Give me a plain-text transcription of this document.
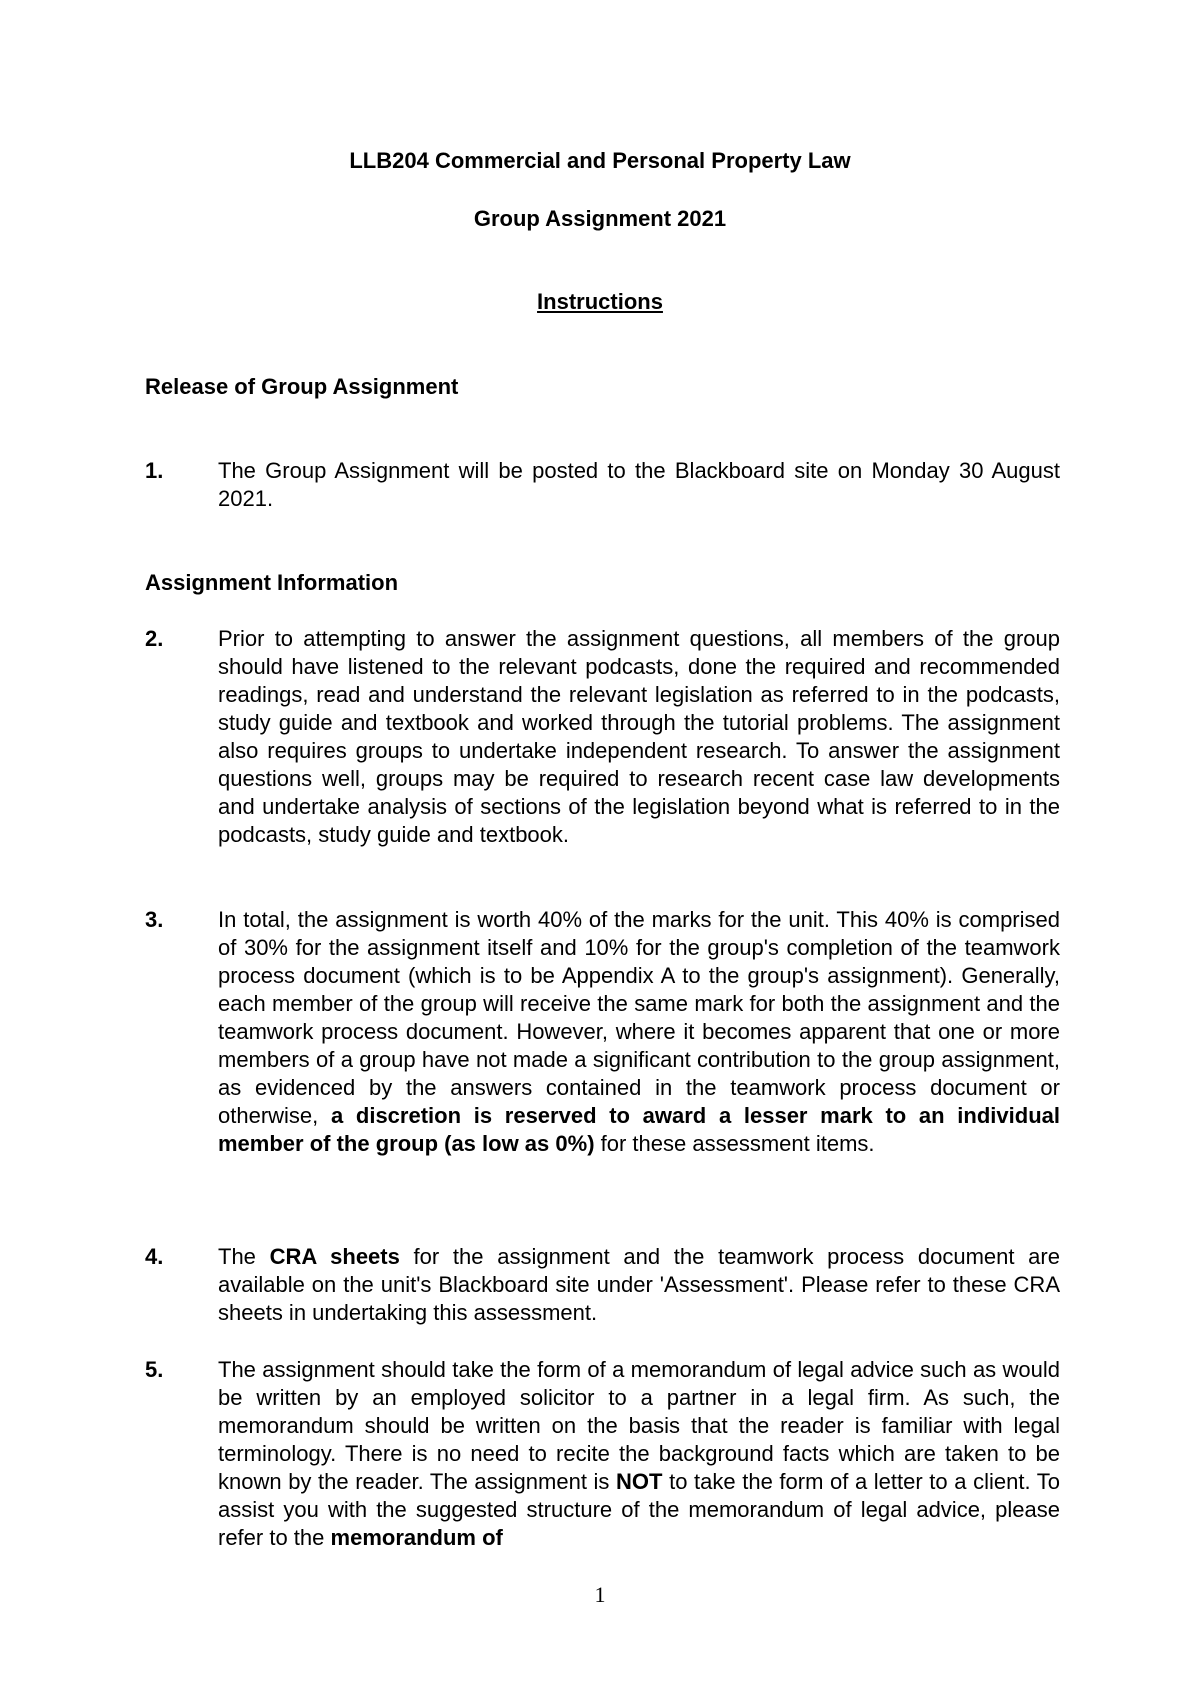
LLB204 Commercial and Personal Property Law
Group Assignment 2021
Instructions
Release of Group Assignment
1. The Group Assignment will be posted to the Blackboard site on Monday 30 August 2021.
Assignment Information
2. Prior to attempting to answer the assignment questions, all members of the group should have listened to the relevant podcasts, done the required and recommended readings, read and understand the relevant legislation as referred to in the podcasts, study guide and textbook and worked through the tutorial problems. The assignment also requires groups to undertake independent research. To answer the assignment questions well, groups may be required to research recent case law developments and undertake analysis of sections of the legislation beyond what is referred to in the podcasts, study guide and textbook.
3. In total, the assignment is worth 40% of the marks for the unit. This 40% is comprised of 30% for the assignment itself and 10% for the group's completion of the teamwork process document (which is to be Appendix A to the group's assignment). Generally, each member of the group will receive the same mark for both the assignment and the teamwork process document. However, where it becomes apparent that one or more members of a group have not made a significant contribution to the group assignment, as evidenced by the answers contained in the teamwork process document or otherwise, a discretion is reserved to award a lesser mark to an individual member of the group (as low as 0%) for these assessment items.
4. The CRA sheets for the assignment and the teamwork process document are available on the unit's Blackboard site under 'Assessment'. Please refer to these CRA sheets in undertaking this assessment.
5. The assignment should take the form of a memorandum of legal advice such as would be written by an employed solicitor to a partner in a legal firm. As such, the memorandum should be written on the basis that the reader is familiar with legal terminology. There is no need to recite the background facts which are taken to be known by the reader. The assignment is NOT to take the form of a letter to a client. To assist you with the suggested structure of the memorandum of legal advice, please refer to the memorandum of
1
